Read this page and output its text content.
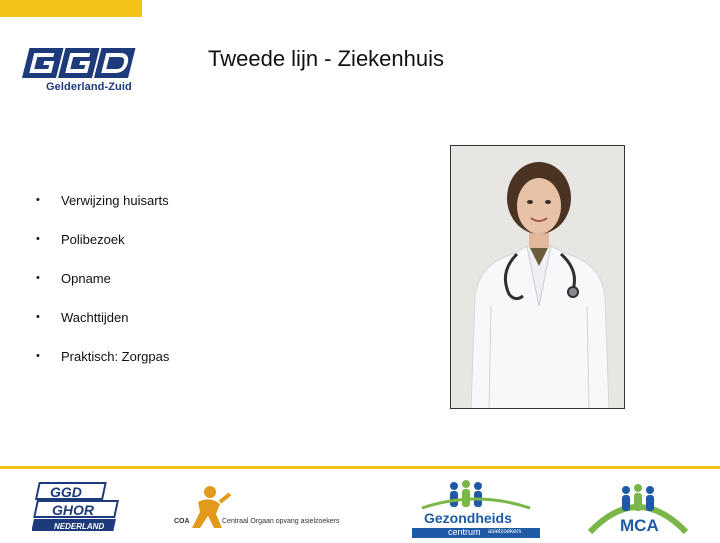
Gelderland-Zuid
Tweede lijn - Ziekenhuis
•	Verwijzing huisarts
•	Polibezoek
•	Opname
•	Wachttijden
•	Praktisch: Zorgpas
GGD
GHOR
NEDERLAND
COA	Centraal Orgaan opvang asielzoekers	Gezondheids
centrum asielzoekers	MCA
